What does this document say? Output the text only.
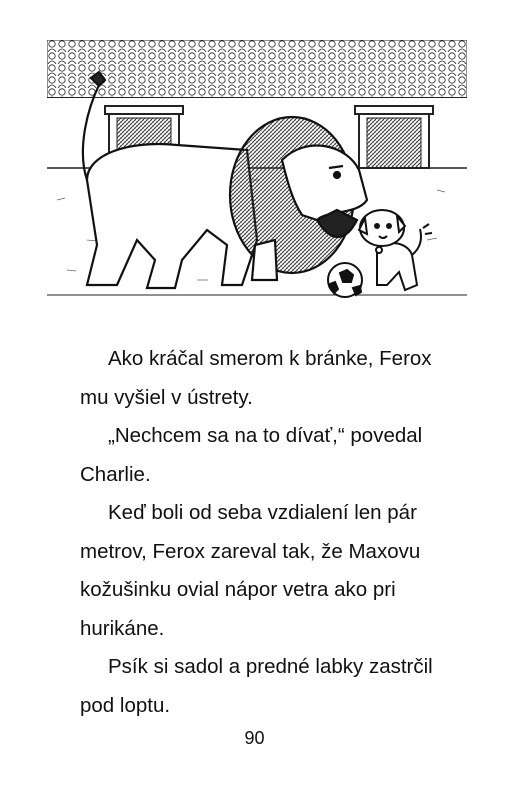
Ako kráčal smerom k bránke, Ferox mu vyšiel v ústrety.

„Nechcem sa na to dívať,“ povedal Charlie.

Keď boli od seba vzdialení len pár metrov, Ferox zareval tak, že Maxovu kožušinku ovial nápor vetra ako pri hurikáne.

Psík si sadol a predné labky zastrčil pod loptu.

90
